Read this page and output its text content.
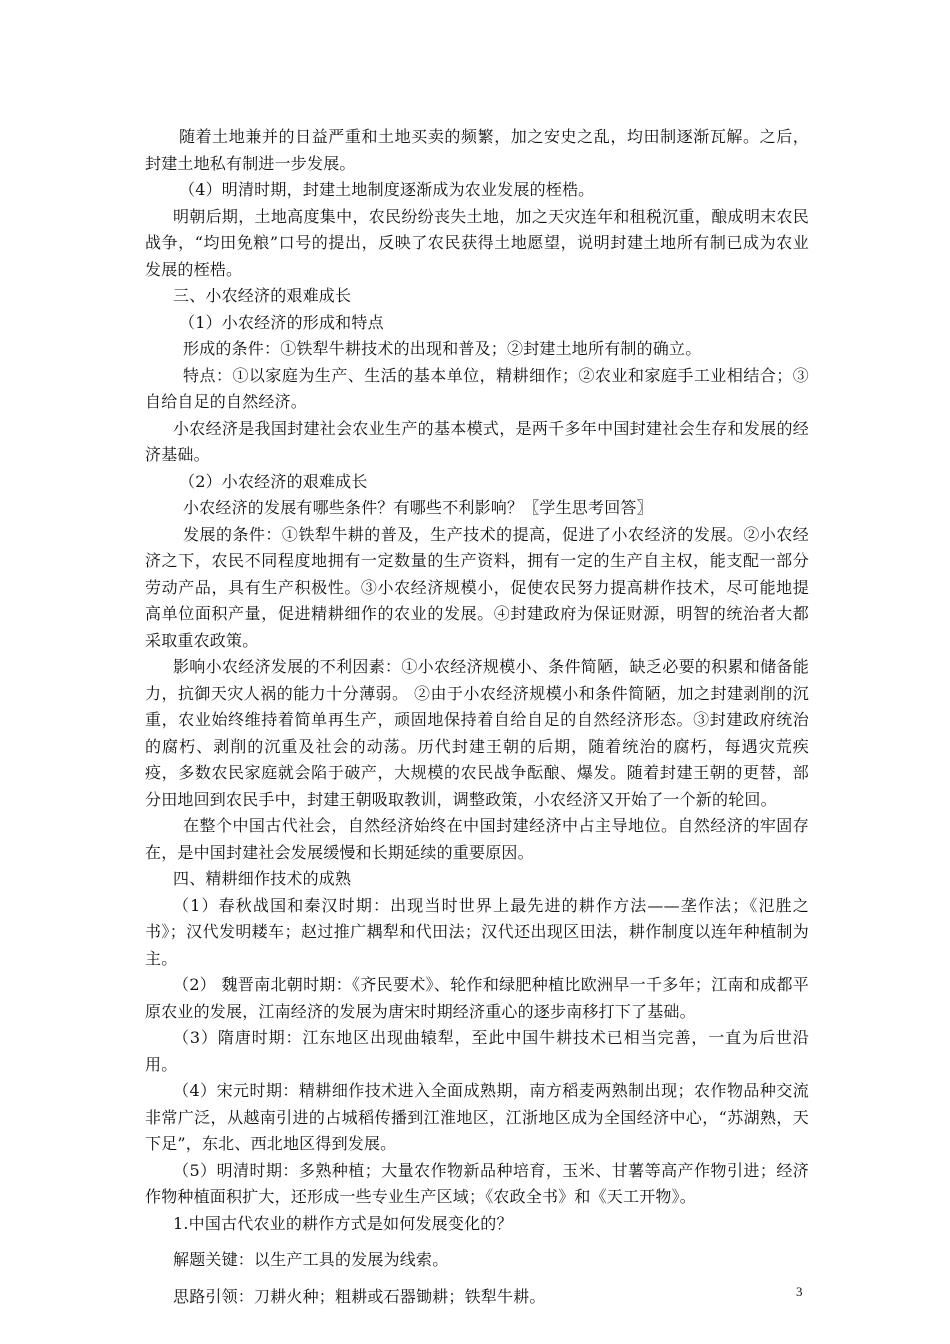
随着土地兼并的日益严重和土地买卖的频繁，加之安史之乱，均田制逐渐瓦解。之后，封建土地私有制进一步发展。

（4）明清时期，封建土地制度逐渐成为农业发展的桎梏。

明朝后期，土地高度集中，农民纷纷丧失土地，加之天灾连年和租税沉重，酿成明末农民战争，“均田免粮”口号的提出，反映了农民获得土地愿望，说明封建土地所有制已成为农业发展的桎梏。

三、小农经济的艰难成长

（1）小农经济的形成和特点

形成的条件：①铁犁牛耕技术的出现和普及；②封建土地所有制的确立。

特点：①以家庭为生产、生活的基本单位，精耕细作；②农业和家庭手工业相结合；③自给自足的自然经济。

小农经济是我国封建社会农业生产的基本模式，是两千多年中国封建社会生存和发展的经济基础。

（2）小农经济的艰难成长

小农经济的发展有哪些条件？有哪些不利影响？〖学生思考回答〗

发展的条件：①铁犁牛耕的普及，生产技术的提高，促进了小农经济的发展。②小农经济之下，农民不同程度地拥有一定数量的生产资料，拥有一定的生产自主权，能支配一部分劳动产品，具有生产积极性。③小农经济规模小，促使农民努力提高耕作技术，尽可能地提高单位面积产量，促进精耕细作的农业的发展。④封建政府为保证财源，明智的统治者大都采取重农政策。

影响小农经济发展的不利因素：①小农经济规模小、条件简陋，缺乏必要的积累和储备能力，抗御天灾人祸的能力十分薄弱。 ②由于小农经济规模小和条件简陋，加之封建剥削的沉重，农业始终维持着简单再生产，顽固地保持着自给自足的自然经济形态。③封建政府统治的腐朽、剥削的沉重及社会的动荡。历代封建王朝的后期，随着统治的腐朽，每遇灾荒疾疫，多数农民家庭就会陷于破产，大规模的农民战争酝酿、爆发。随着封建王朝的更替，部分田地回到农民手中，封建王朝吸取教训，调整政策，小农经济又开始了一个新的轮回。

在整个中国古代社会，自然经济始终在中国封建经济中占主导地位。自然经济的牢固存在，是中国封建社会发展缓慢和长期延续的重要原因。

四、精耕细作技术的成熟

（1）春秋战国和秦汉时期：出现当时世界上最先进的耕作方法——垄作法；《氾胜之书》；汉代发明耧车；赵过推广耦犁和代田法；汉代还出现区田法，耕作制度以连年种植制为主。

（2） 魏晋南北朝时期：《齐民要术》、轮作和绿肥种植比欧洲早一千多年；江南和成都平原农业的发展，江南经济的发展为唐宋时期经济重心的逐步南移打下了基础。

（3）隋唐时期：江东地区出现曲辕犁，至此中国牛耕技术已相当完善，一直为后世沿用。

（4）宋元时期：精耕细作技术进入全面成熟期，南方稻麦两熟制出现；农作物品种交流非常广泛，从越南引进的占城稻传播到江淮地区，江浙地区成为全国经济中心，“苏湖熟，天下足”，东北、西北地区得到发展。

（5）明清时期：多熟种植；大量农作物新品种培育，玉米、甘薯等高产作物引进；经济作物种植面积扩大，还形成一些专业生产区域；《农政全书》和《天工开物》。

1.中国古代农业的耕作方式是如何发展变化的？

解题关键：以生产工具的发展为线索。

思路引领：刀耕火种；粗耕或石器锄耕；铁犁牛耕。	3
